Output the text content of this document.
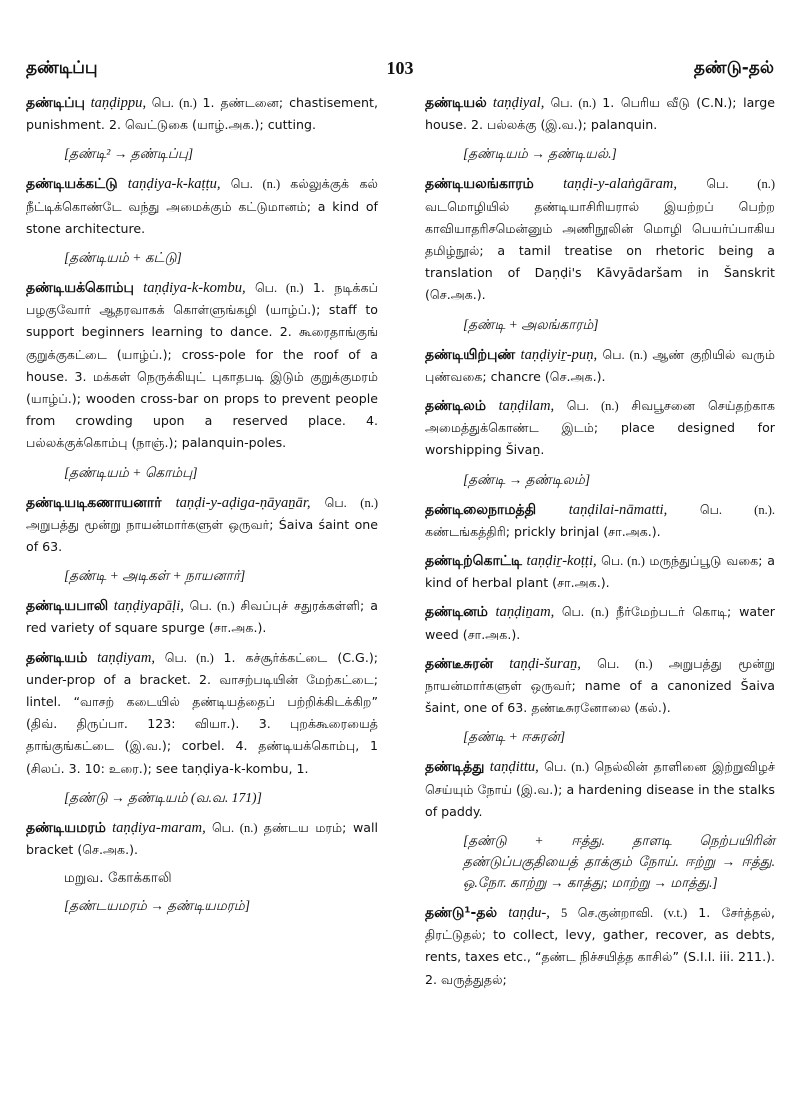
தண்டிப்பு	103	தண்டு-தல்

தண்டிப்பு taṇḍippu, பெ. (n.) 1. தண்டனை; chastisement, punishment. 2. வெட்டுகை (யாழ்.அக.); cutting.

[தண்டி² → தண்டிப்பு]

தண்டியக்கட்டு taṇḍiya-k-kaṭṭu, பெ. (n.) கல்லுக்குக் கல் நீட்டிக்கொண்டே வந்து அமைக்கும் கட்டுமானம்; a kind of stone architecture.

[தண்டியம் + கட்டு]

தண்டியக்கொம்பு taṇḍiya-k-kombu, பெ. (n.) 1. நடிக்கப் பழகுவோர் ஆதரவாகக் கொள்ளுங்கழி (யாழ்ப்.); staff to support beginners learning to dance. 2. கூரைதாங்குங் குறுக்குகட்டை (யாழ்ப்.); cross-pole for the roof of a house. 3. மக்கள் நெருக்கியுட் புகாதபடி இடும் குறுக்குமரம் (யாழ்ப்.); wooden cross-bar on props to prevent people from crowding upon a reserved place. 4. பல்லக்குக்கொம்பு (நாஞ்.); palanquin-poles.

[தண்டியம் + கொம்பு]

தண்டியடிகணாயனார் taṇḍi-y-aḍiga-ṇāyaṉār, பெ. (n.) அறுபத்து மூன்று நாயன்மார்களுள் ஒருவர்; Śaiva śaint one of 63.

[தண்டி + அடிகள் + நாயனார்]

தண்டியபாலி taṇḍiyapāḷi, பெ. (n.) சிவப்புச் சதுரக்கள்ளி; a red variety of square spurge (சா.அக.).

தண்டியம் taṇḍiyam, பெ. (n.) 1. கச்சூர்க்கட்டை (C.G.); under-prop of a bracket. 2. வாசற்படியின் மேற்கட்டை; lintel. “வாசற் கடையில் தண்டியத்தைப் பற்றிக்கிடக்கிற” (திவ். திருப்பா. 123: வியா.). 3. புறக்கூரையைத் தாங்குங்கட்டை (இ.வ.); corbel. 4. தண்டியக்கொம்பு, 1 (சிலப். 3. 10: உரை.); see taṇḍiya-k-kombu, 1.

[தண்டு → தண்டியம் (வ.வ. 171)]

தண்டியமரம் taṇḍiya-maram, பெ. (n.) தண்டய மரம்; wall bracket (செ.அக.).

மறுவ. கோக்காலி
[தண்டயமரம் → தண்டியமரம்]

தண்டியல் taṇḍiyal, பெ. (n.) 1. பெரிய வீடு (C.N.); large house. 2. பல்லக்கு (இ.வ.); palanquin.

[தண்டியம் → தண்டியல்.]

தண்டியலங்காரம் taṇḍi-y-alaṅgāram, பெ. (n.) வடமொழியில் தண்டியாசிரியரால் இயற்றப் பெற்ற காவியாதரிசமென்னும் அணிநூலின் மொழி பெயர்ப்பாகிய தமிழ்நூல்; a tamil treatise on rhetoric being a translation of Daṇḍi's Kāvyādaršam in Šanskrit (செ.அக.).

[தண்டி + அலங்காரம்]

தண்டியிற்புண் taṇḍiyiṟ-puṇ, பெ. (n.) ஆண் குறியில் வரும் புண்வகை; chancre (செ.அக.).

தண்டிலம் taṇḍilam, பெ. (n.) சிவபூசனை செய்தற்காக அமைத்துக்கொண்ட இடம்; place designed for worshipping Šivaṉ.

[தண்டி → தண்டிலம்]

தண்டிலைநாமத்தி taṇḍilai-nāmatti,	பெ. (n.). கண்டங்கத்திரி; prickly brinjal (சா.அக.).

தண்டிற்கொட்டி taṇḍiṟ-koṭṭi, பெ. (n.) மருந்துப்பூடு வகை; a kind of herbal plant (சா.அக.).

தண்டினம் taṇḍiṉam, பெ. (n.) நீர்மேற்படர் கொடி; water weed (சா.அக.).

தண்டீசுரன் taṇḍi-šuraṉ, பெ. (n.) அறுபத்து மூன்று நாயன்மார்களுள் ஒருவர்; name of a canonized Šaiva šaint, one of 63. தண்டீசுரனோலை (கல்.).

[தண்டி + ஈசுரன்]

தண்டித்து taṇḍittu, பெ. (n.) நெல்லின் தாளினை இற்றுவிழச் செய்யும் நோய் (இ.வ.); a hardening disease in the stalks of paddy.

[தண்டு + ஈத்து. தாளடி நெற்பயிரின் தண்டுப்பகுதியைத் தாக்கும் நோய். ஈற்று → ஈத்து. ஒ.நோ. காற்று → காத்து; மாற்று → மாத்து.]

தண்டு¹-தல் taṇḍu-, 5 செ.குன்றாவி. (v.t.) 1. சேர்த்தல், திரட்டுதல்; to collect, levy, gather, recover, as debts, rents, taxes etc., “தண்ட நிச்சயித்த காசில்” (S.I.I. iii. 211.). 2. வருத்துதல்;
